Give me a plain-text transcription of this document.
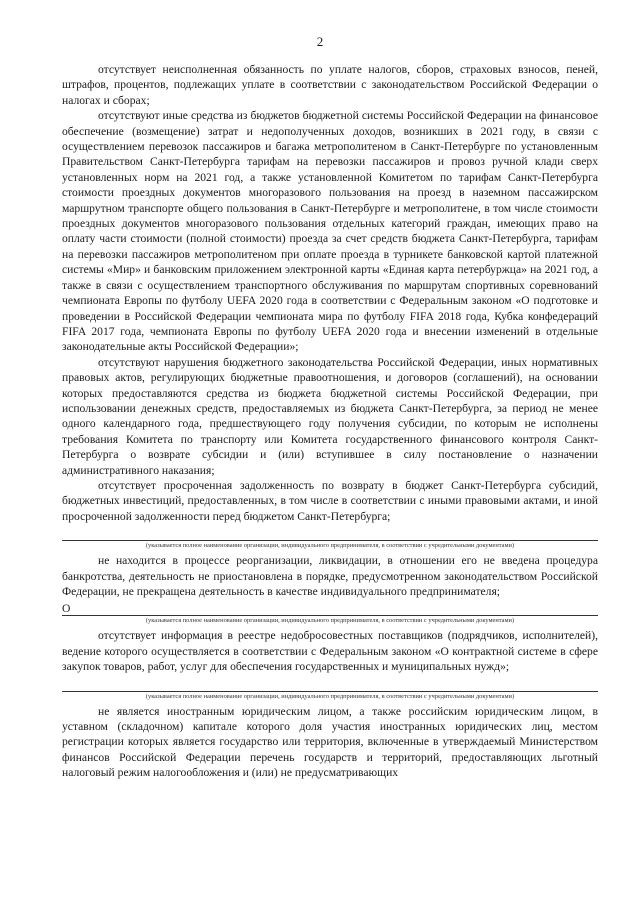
2

отсутствует неисполненная обязанность по уплате налогов, сборов, страховых взносов, пеней, штрафов, процентов, подлежащих уплате в соответствии с законодательством Российской Федерации о налогах и сборах;

отсутствуют иные средства из бюджетов бюджетной системы Российской Федерации на финансовое обеспечение (возмещение) затрат и недополученных доходов, возникших в 2021 году, в связи с осуществлением перевозок пассажиров и багажа метрополитеном в Санкт-Петербурге по установленным Правительством Санкт-Петербурга тарифам на перевозки пассажиров и провоз ручной клади сверх установленных норм на 2021 год, а также установленной Комитетом по тарифам Санкт-Петербурга стоимости проездных документов многоразового пользования на проезд в наземном пассажирском маршрутном транспорте общего пользования в Санкт-Петербурге и метрополитене, в том числе стоимости проездных документов многоразового пользования отдельных категорий граждан, имеющих право на оплату части стоимости (полной стоимости) проезда за счет средств бюджета Санкт-Петербурга, тарифам на перевозки пассажиров метрополитеном при оплате проезда в турникете банковской картой платежной системы «Мир» и банковским приложением электронной карты «Единая карта петербуржца» на 2021 год, а также в связи с осуществлением транспортного обслуживания по маршрутам спортивных соревнований чемпионата Европы по футболу UEFA 2020 года в соответствии с Федеральным законом «О подготовке и проведении в Российской Федерации чемпионата мира по футболу FIFA 2018 года, Кубка конфедераций FIFA 2017 года, чемпионата Европы по футболу UEFA 2020 года и внесении изменений в отдельные законодательные акты Российской Федерации»;

отсутствуют нарушения бюджетного законодательства Российской Федерации, иных нормативных правовых актов, регулирующих бюджетные правоотношения, и договоров (соглашений), на основании которых предоставляются средства из бюджета бюджетной системы Российской Федерации, при использовании денежных средств, предоставляемых из бюджета Санкт-Петербурга, за период не менее одного календарного года, предшествующего году получения субсидии, по которым не исполнены требования Комитета по транспорту или Комитета государственного финансового контроля Санкт-Петербурга о возврате субсидии и (или) вступившее в силу постановление о назначении административного наказания;

отсутствует просроченная задолженность по возврату в бюджет Санкт-Петербурга субсидий, бюджетных инвестиций, предоставленных, в том числе в соответствии с иными правовыми актами, и иной просроченной задолженности перед бюджетом Санкт-Петербурга;

(указывается полное наименование организации, индивидуального предпринимателя, в соответствии с учредительными документами)

не находится в процессе реорганизации, ликвидации, в отношении его не введена процедура банкротства, деятельность не приостановлена в порядке, предусмотренном законодательством Российской Федерации, не прекращена деятельность в качестве индивидуального предпринимателя;

О
(указывается полное наименование организации, индивидуального предпринимателя, в соответствии с учредительными документами)

отсутствует информация в реестре недобросовестных поставщиков (подрядчиков, исполнителей), ведение которого осуществляется в соответствии с Федеральным законом «О контрактной системе в сфере закупок товаров, работ, услуг для обеспечения государственных и муниципальных нужд»;

(указывается полное наименование организации, индивидуального предпринимателя, в соответствии с учредительными документами)

не является иностранным юридическим лицом, а также российским юридическим лицом, в уставном (складочном) капитале которого доля участия иностранных юридических лиц, местом регистрации которых является государство или территория, включенные в утверждаемый Министерством финансов Российской Федерации перечень государств и территорий, предоставляющих льготный налоговый режим налогообложения и (или) не предусматривающих
